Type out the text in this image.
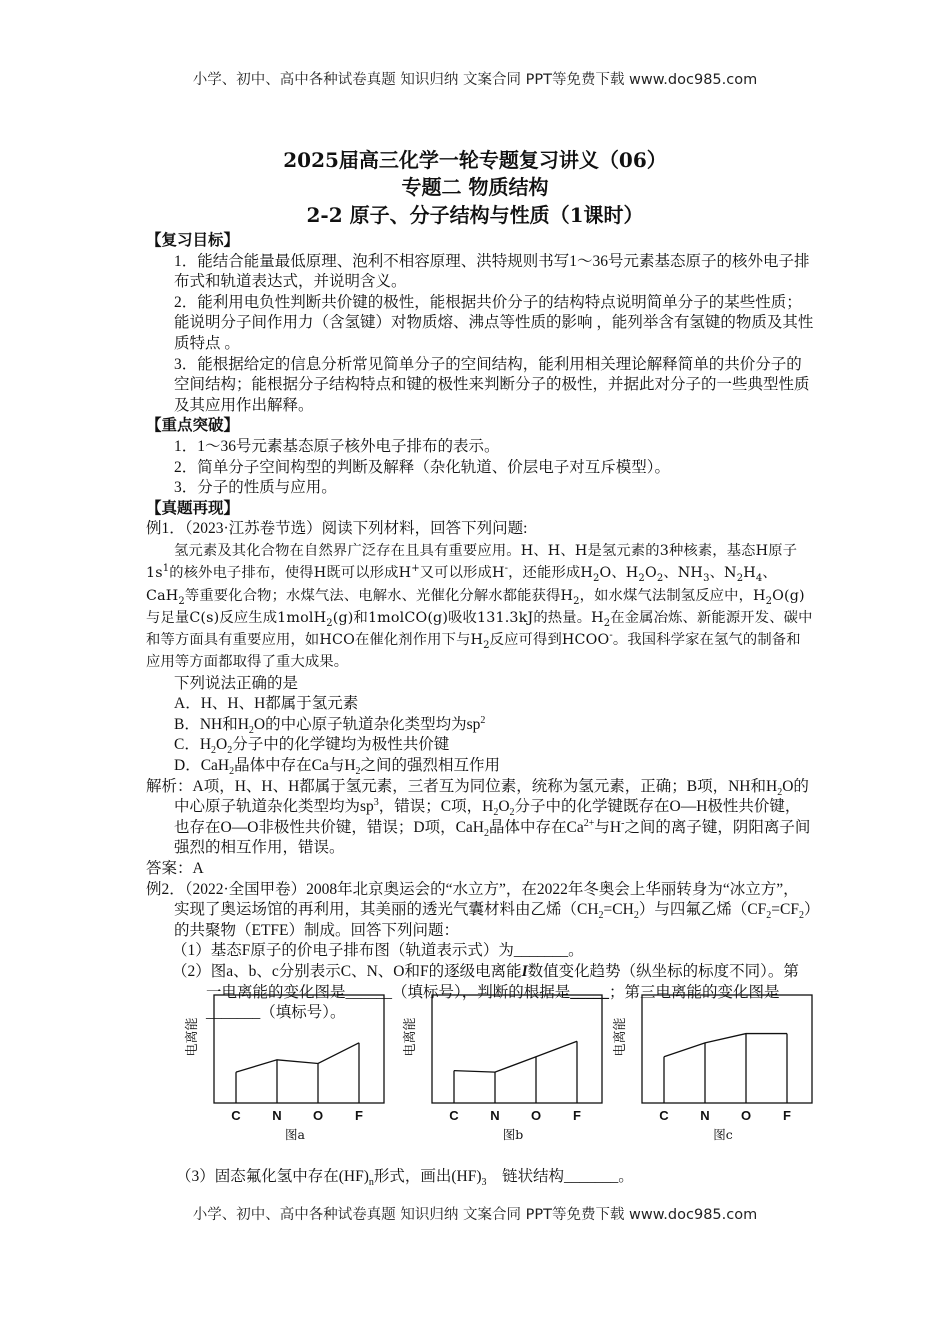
小学、初中、高中各种试卷真题 知识归纳 文案合同 PPT等免费下载 www.doc985.com
2025届高三化学一轮专题复习讲义（06）
专题二 物质结构
2-2 原子、分子结构与性质（1课时）

【复习目标】

1．能结合能量最低原理、泡利不相容原理、洪特规则书写1～36号元素基态原子的核外电子排布式和轨道表达式，并说明含义。

2．能利用电负性判断共价键的极性，能根据共价分子的结构特点说明简单分子的某些性质；能说明分子间作用力（含氢键）对物质熔、沸点等性质的影响 ，能列举含有氢键的物质及其性质特点 。

3．能根据给定的信息分析常见简单分子的空间结构，能利用相关理论解释简单的共价分子的空间结构；能根据分子结构特点和键的极性来判断分子的极性，并据此对分子的一些典型性质及其应用作出解释。

【重点突破】

1．1～36号元素基态原子核外电子排布的表示。

2．简单分子空间构型的判断及解释（杂化轨道、价层电子对互斥模型）。

3．分子的性质与应用。

【真题再现】

例1．（2023·江苏卷节选）阅读下列材料，回答下列问题:

氢元素及其化合物在自然界广泛存在且具有重要应用。H、H、H是氢元素的3种核素，基态H原子$1s^1$的核外电子排布，使得H既可以形成H+又可以形成H-，还能形成$H_2O$、$H_2O_2$、$NH_3$、$N_2H_4$、CaH$_2$等重要化合物；水煤气法、电解水、光催化分解水都能获得$H_2$，如水煤气法制氢反应中，$H_2O(g)$与足量C(s)反应生成1molH$_2$(g)和1molCO(g)吸收131.3kJ的热量。$H_2$在金属冶炼、新能源开发、碳中和等方面具有重要应用，如HCO在催化剂作用下与$H_2$反应可得到HCOO-。我国科学家在氢气的制备和应用等方面都取得了重大成果。

下列说法正确的是

A．H、H、H都属于氢元素

B．NH和$H_2O$的中心原子轨道杂化类型均为$sp^2$

C．$H_2O_2$分子中的化学键均为极性共价键

D．CaH$_2$晶体中存在Ca与$H_2$之间的强烈相互作用

解析：A项，H、H、H都属于氢元素，三者互为同位素，统称为氢元素，正确；B项，NH和$H_2O$的中心原子轨道杂化类型均为$sp^3$，错误；C项，$H_2O_2$分子中的化学键既存在O—H极性共价键，也存在O—O非极性共价键，错误；D项，CaH$_2$晶体中存在$Ca^{2+}$与H-之间的离子键，阴阳离子间强烈的相互作用，错误。

答案：A

例2．（2022·全国甲卷）2008年北京奥运会的“水立方”，在2022年冬奥会上华丽转身为“冰立方”，实现了奥运场馆的再利用，其美丽的透光气囊材料由乙烯$(CH_2=CH_2)$与四氟乙烯$(CF_2=CF_2)$的共聚物（ETFE）制成。回答下列问题：

（1）基态F原子的价电子排布图（轨道表示式）为_______。

（2）图a、b、c分别表示C、N、O和F的逐级电离能I数值变化趋势（纵坐标的标度不同）。第一电离能的变化图是______（填标号），判断的根据是_____；第三电离能的变化图是_______（填标号）。

C N O F
电离能
图a
C N O F
电离能
图b
C N O F
电离能
图c
（3）固态氟化氢中存在$(HF)_n$形式，画出$(HF)_3$　链状结构_______。
小学、初中、高中各种试卷真题 知识归纳 文案合同 PPT等免费下载 www.doc985.com
